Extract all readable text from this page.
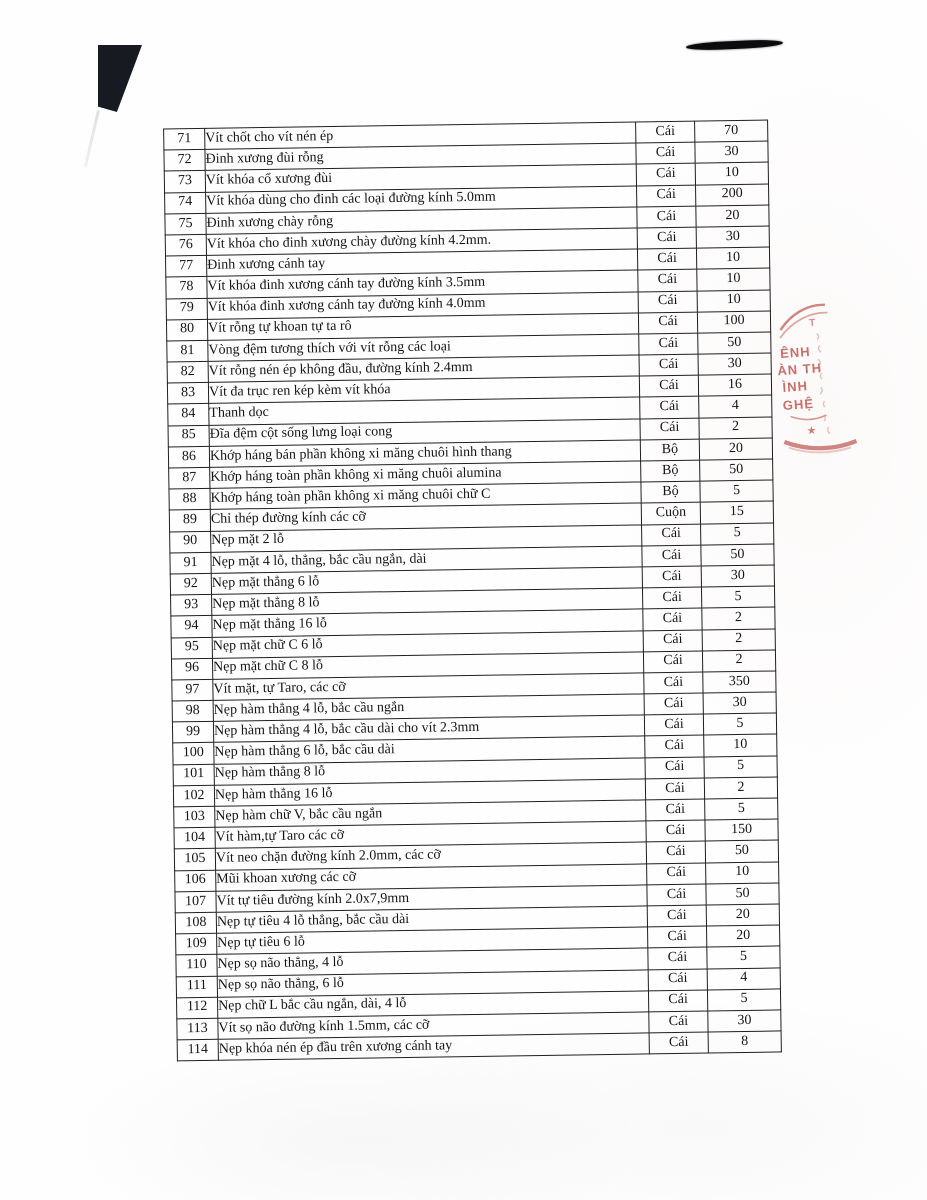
71	Vít chốt cho vít nén ép	Cái	70
72	Đinh xương đùi rỗng	Cái	30
73	Vít khóa cổ xương đùi	Cái	10
74	Vít khóa dùng cho đinh các loại đường kính 5.0mm	Cái	200
75	Đinh xương chày rỗng	Cái	20
76	Vít khóa cho đinh xương chày đường kính 4.2mm.	Cái	30
77	Đinh xương cánh tay	Cái	10
78	Vít khóa đinh xương cánh tay đường kính 3.5mm	Cái	10
79	Vít khóa đinh xương cánh tay đường kính 4.0mm	Cái	10
80	Vít rỗng tự khoan tự ta rô	Cái	100
81	Vòng đệm tương thích với vít rỗng các loại	Cái	50
82	Vít rỗng nén ép không đầu, đường kính 2.4mm	Cái	30
83	Vít đa trục ren kép kèm vít khóa	Cái	16
84	Thanh dọc	Cái	4
85	Đĩa đệm cột sống lưng loại cong	Cái	2
86	Khớp háng bán phần không xi măng chuôi hình thang	Bộ	20
87	Khớp háng toàn phần không xi măng chuôi alumina	Bộ	50
88	Khớp háng toàn phần không xi măng chuôi chữ C	Bộ	5
89	Chỉ thép đường kính các cỡ	Cuộn	15
90	Nẹp mặt 2 lỗ	Cái	5
91	Nẹp mặt 4 lỗ, thẳng, bắc cầu ngắn, dài	Cái	50
92	Nẹp mặt thẳng 6 lỗ	Cái	30
93	Nẹp mặt thẳng 8 lỗ	Cái	5
94	Nẹp mặt thẳng 16 lỗ	Cái	2
95	Nẹp mặt chữ C 6 lỗ	Cái	2
96	Nẹp mặt chữ C 8 lỗ	Cái	2
97	Vít mặt, tự Taro, các cỡ	Cái	350
98	Nẹp hàm thẳng 4 lỗ, bắc cầu ngắn	Cái	30
99	Nẹp hàm thẳng 4 lỗ, bắc cầu dài cho vít 2.3mm	Cái	5
100	Nẹp hàm thẳng 6 lỗ, bắc cầu dài	Cái	10
101	Nẹp hàm thẳng 8 lỗ	Cái	5
102	Nẹp hàm thẳng 16 lỗ	Cái	2
103	Nẹp hàm chữ V, bắc cầu ngắn	Cái	5
104	Vít hàm,tự Taro các cỡ	Cái	150
105	Vít neo chặn đường kính 2.0mm, các cỡ	Cái	50
106	Mũi khoan xương các cỡ	Cái	10
107	Vít tự tiêu đường kính 2.0x7,9mm	Cái	50
108	Nẹp tự tiêu 4 lỗ thẳng, bắc cầu dài	Cái	20
109	Nẹp tự tiêu 6 lỗ	Cái	20
110	Nẹp sọ não thẳng, 4 lỗ	Cái	5
111	Nẹp sọ não thẳng, 6 lỗ	Cái	4
112	Nẹp chữ L bắc cầu ngắn, dài, 4 lỗ	Cái	5
113	Vít sọ não đường kính 1.5mm, các cỡ	Cái	30
114	Nẹp khóa nén ép đầu trên xương cánh tay	Cái	8
T
ÊNH
ÀN TH
ÌNH
GHỆ
★
